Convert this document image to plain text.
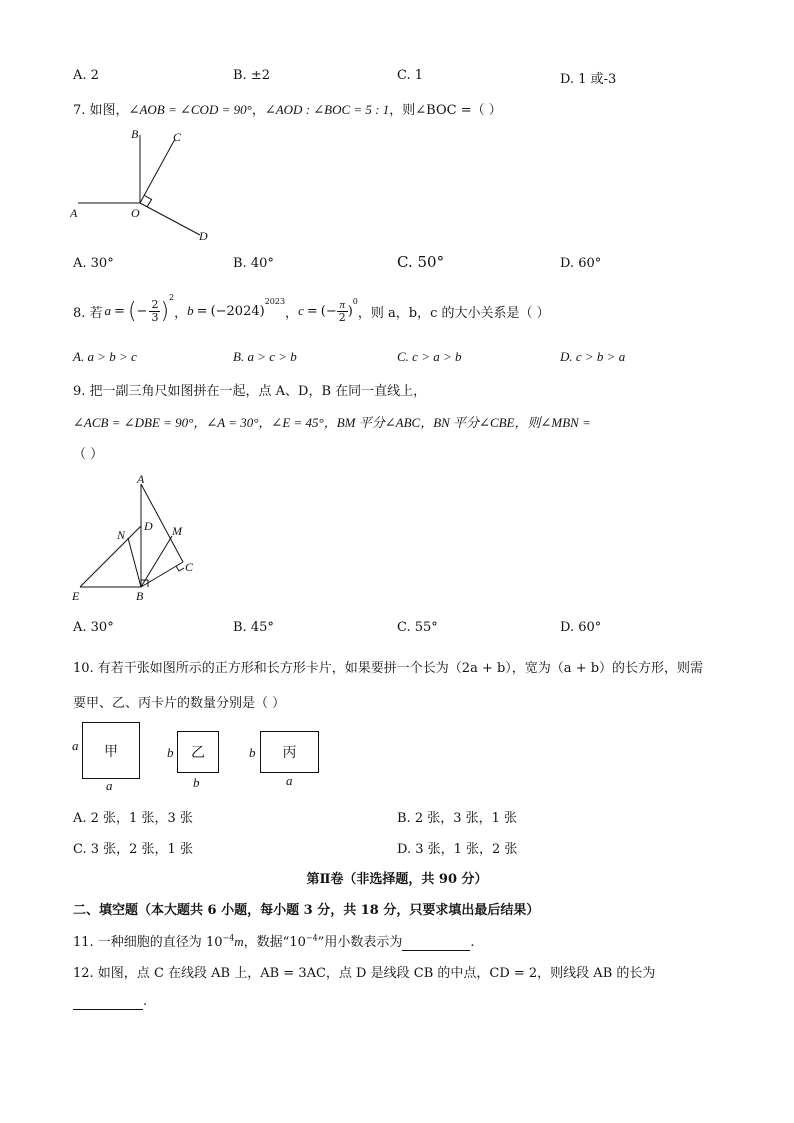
A. 2	B. ±2	C. 1	D. 1 或-3
7. 如图，∠AOB = ∠COD = 90°，∠AOD : ∠BOC = 5 : 1，则∠BOC =（ ）
A
B	C
D
O
A. 30°	B. 40°	C. 50°	D. 60°
8. 若 a = ( − $\frac{2}{3}$ )
$^2$
， b = (−2024)
$^{2023}$
， c = (− $\frac{\pi}{2}$ )
$^0$
，则 a，b，c 的大小关系是（ ）
A. a > b > c	B. a > c > b	C. c > a > b	D. c > b > a
9. 把一副三角尺如图拼在一起，点 A、D，B 在同一直线上，
∠ACB = ∠DBE = 90°，∠A = 30°，∠E = 45°，BM 平分∠ABC，BN 平分∠CBE，则∠MBN =
（ ）
A
D
N	M
C
E	B
A. 30°	B. 45°	C. 55°	D. 60°
10. 有若干张如图所示的正方形和长方形卡片，如果要拼一个长为（2a + b），宽为（a + b）的长方形，则需
要甲、乙、丙卡片的数量分别是（ ）
甲
a
a
乙
b
b
丙
b
a
A. 2 张，1 张，3 张	B. 2 张，3 张，1 张
C. 3 张，2 张，1 张	D. 3 张，1 张，2 张
第Ⅱ卷（非选择题，共 90 分）
二、填空题（本大题共 6 小题，每小题 3 分，共 18 分，只要求填出最后结果）
11. 一种细胞的直径为 $10^{-4}m$，数据“$10^{-4}$”用小数表示为	.
12. 如图，点 C 在线段 AB 上，AB = 3AC，点 D 是线段 CB 的中点，CD = 2，则线段 AB 的长为
.
